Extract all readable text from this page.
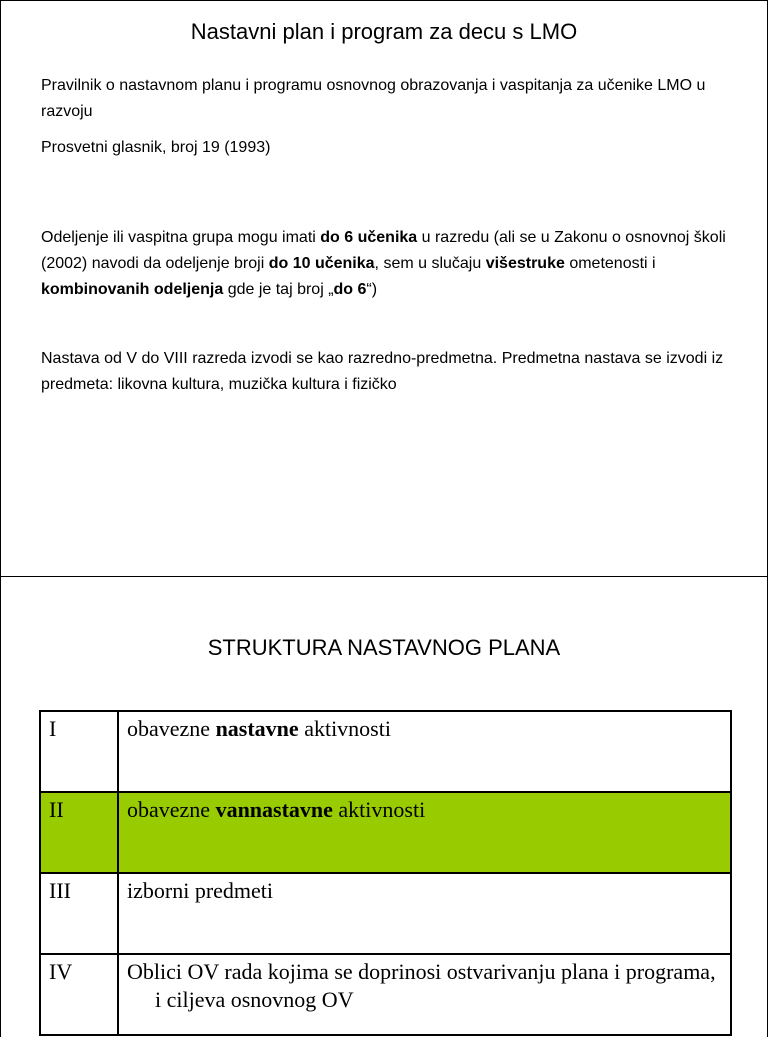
Nastavni plan i program za decu s LMO
Pravilnik o nastavnom planu i programu osnovnog obrazovanja i vaspitanja za učenike LMO u razvoju
Prosvetni glasnik, broj 19 (1993)
Odeljenje ili vaspitna grupa mogu imati do 6 učenika u razredu (ali se u Zakonu o osnovnoj školi (2002) navodi da odeljenje broji do 10 učenika, sem u slučaju višestruke ometenosti i kombinovanih odeljenja gde je taj broj „do 6“)
Nastava od V do VIII razreda izvodi se kao razredno-predmetna. Predmetna nastava se izvodi iz predmeta: likovna kultura, muzička kultura i fizičko
STRUKTURA NASTAVNOG PLANA
I	obavezne nastavne aktivnosti
II	obavezne vannastavne aktivnosti
III	izborni predmeti
IV	Oblici OV rada kojima se doprinosi ostvarivanju plana i programa, i ciljeva osnovnog OV
